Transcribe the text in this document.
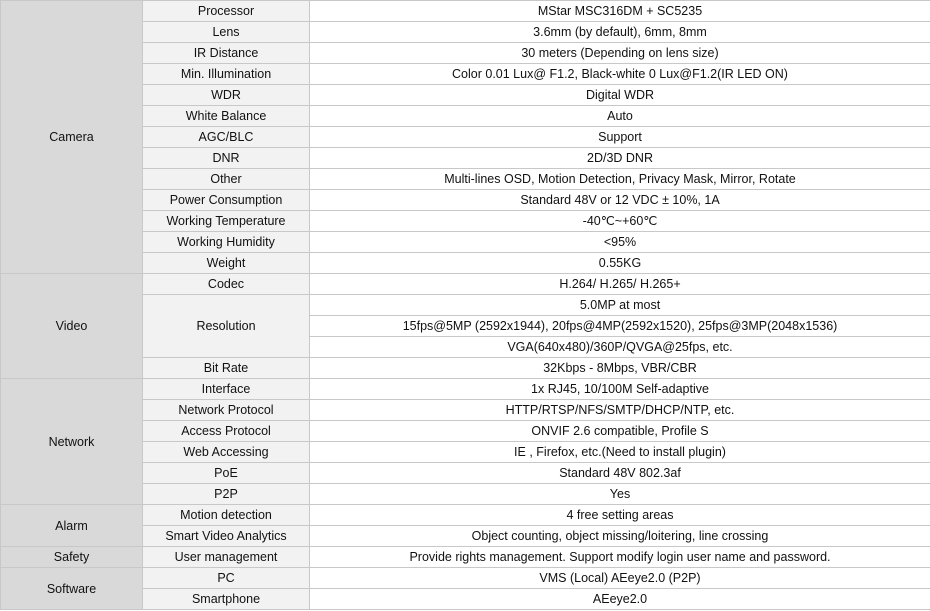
Camera	Processor	MStar MSC316DM + SC5235
	Lens	3.6mm (by default), 6mm, 8mm
	IR Distance	30 meters (Depending on lens size)
	Min. Illumination	Color 0.01 Lux@ F1.2, Black-white 0 Lux@F1.2(IR LED ON)
	WDR	Digital WDR
	White Balance	Auto
	AGC/BLC	Support
	DNR	2D/3D DNR
	Other	Multi-lines OSD, Motion Detection, Privacy Mask, Mirror, Rotate
	Power Consumption	Standard 48V or 12 VDC ± 10%, 1A
	Working Temperature	-40℃~+60℃
	Working Humidity	<95%
	Weight	0.55KG
Video	Codec	H.264/ H.265/ H.265+
	Resolution	5.0MP at most
		15fps@5MP (2592x1944), 20fps@4MP(2592x1520), 25fps@3MP(2048x1536)
		VGA(640x480)/360P/QVGA@25fps, etc.
	Bit Rate	32Kbps - 8Mbps, VBR/CBR
Network	Interface	1x RJ45, 10/100M Self-adaptive
	Network Protocol	HTTP/RTSP/NFS/SMTP/DHCP/NTP, etc.
	Access Protocol	ONVIF 2.6 compatible, Profile S
	Web Accessing	IE , Firefox, etc.(Need to install plugin)
	PoE	Standard 48V 802.3af
	P2P	Yes
Alarm	Motion detection	4 free setting areas
	Smart Video Analytics	Object counting, object missing/loitering, line crossing
Safety	User management	Provide rights management. Support modify login user name and password.
Software	PC	VMS (Local) AEeye2.0 (P2P)
	Smartphone	AEeye2.0
